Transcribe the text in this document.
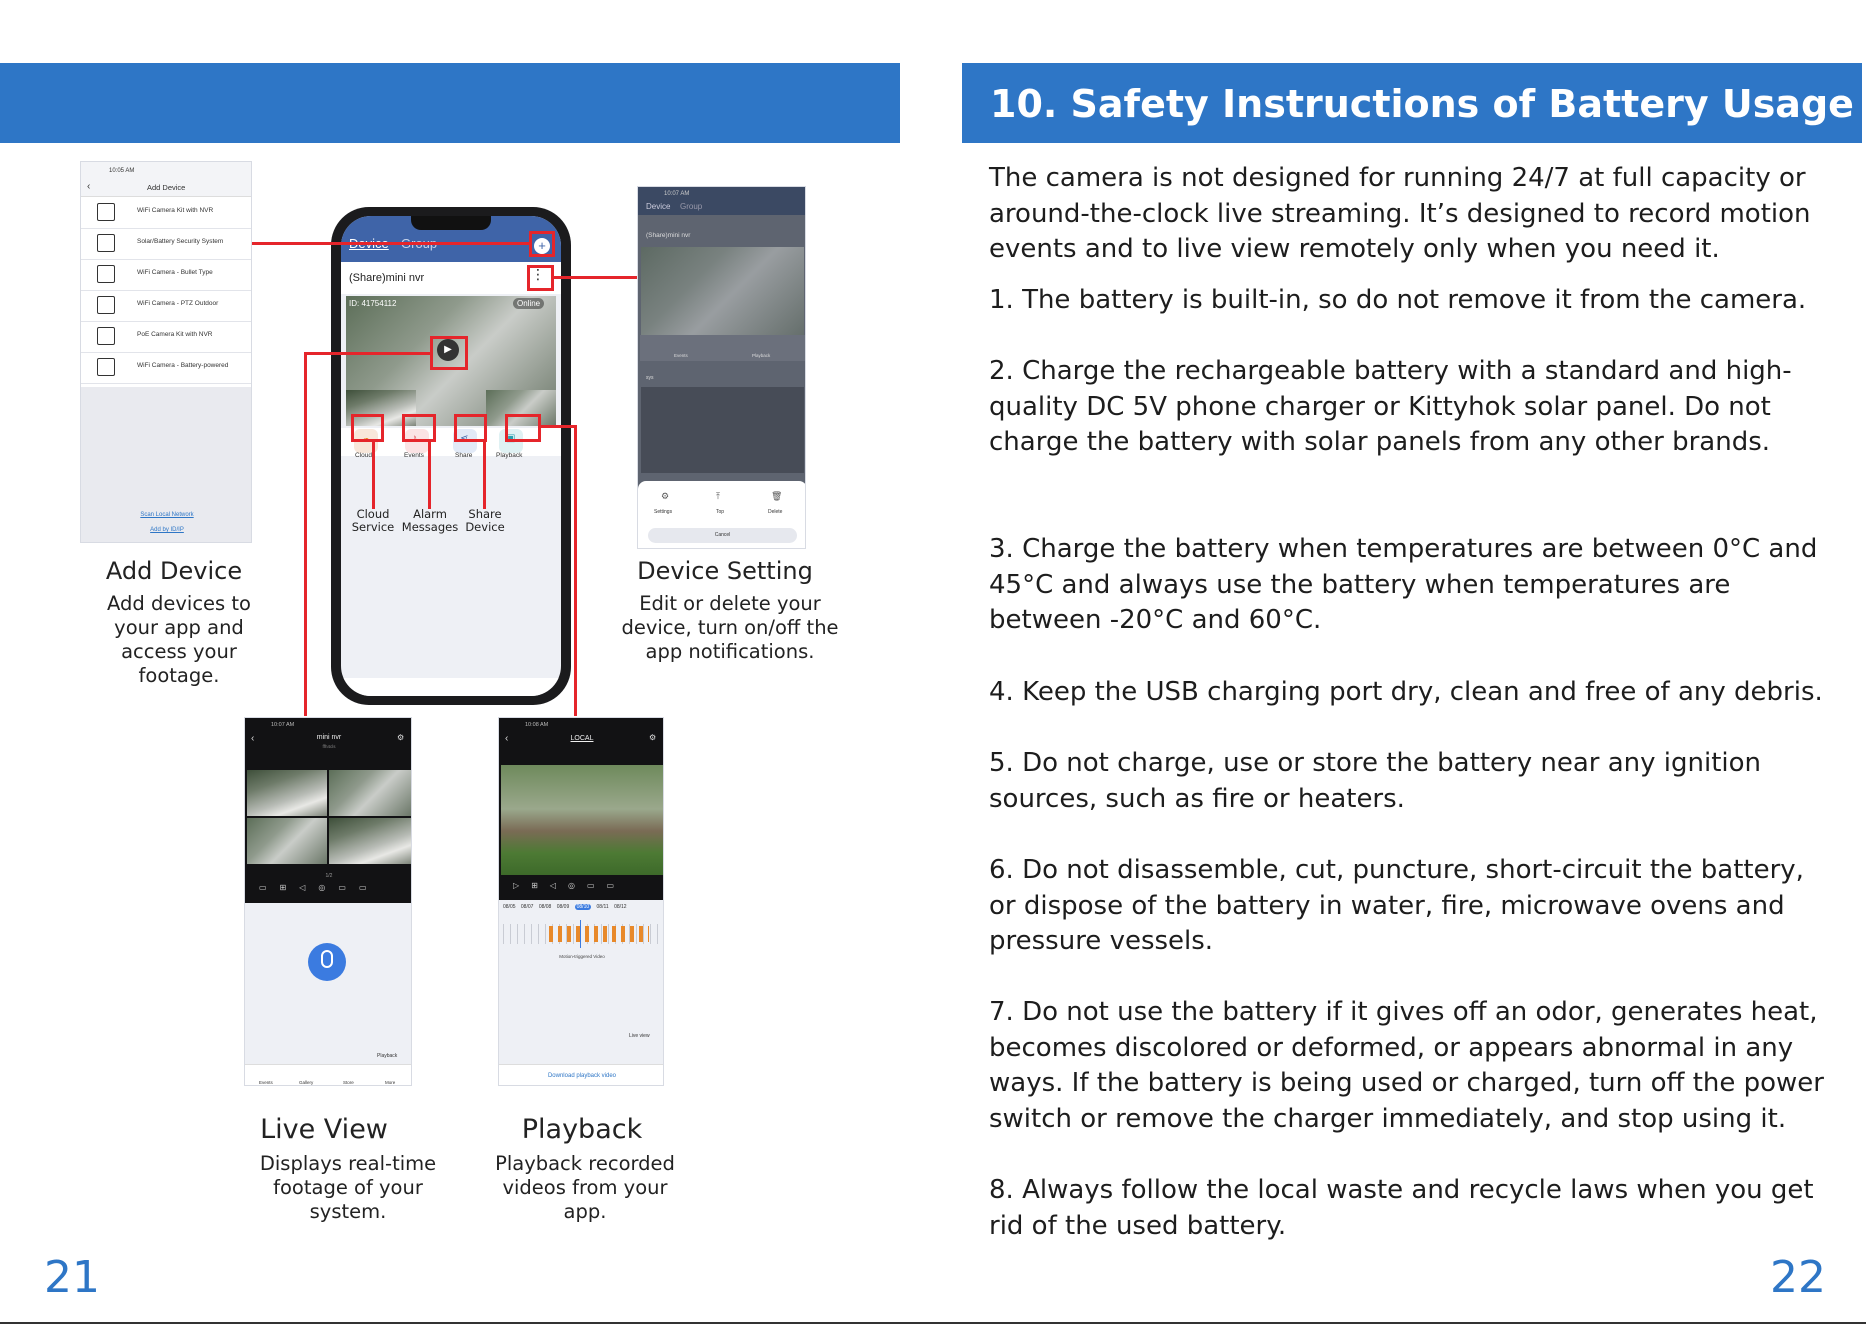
10:05 AM
‹	Add Device
WiFi Camera Kit with NVR
Solar/Battery Security System
WiFi Camera - Bullet Type
WiFi Camera - PTZ Outdoor
PoE Camera Kit with NVR
WiFi Camera - Battery-powered
Scan Local Network
Add by ID/IP
Add Device
Add devices to your app and access your footage.
+
(Share)mini nvr	⋮
ID: 41754112	Online
▶
☁	♪	⋖	▣
Cloud	Events	Share	Playback
Cloud Service
Alarm Messages
Share Device
10:07 AM
Device Group
(Share)mini nvr
Events	Playback
sys
⚙	⤒	🗑
Settings	Top	Delete
Cancel
Device Setting
Edit or delete your device, turn on/off the app notifications.
10:07 AM
‹	mini nvr
ffh4cls
⚙
1/2
▭⊞◁◎▭▭
Playback
Events	Gallery	Store	More
Live View
Displays real-time footage of your system.
10:08 AM
‹	LOCAL	⚙
▷⊞◁◎▭▭
08/05 08/07 08/08 08/09 08/10 08/11 08/12
Motion-triggered Video
Live view
Download playback video
Playback
Playback recorded videos from your app.
21
10. Safety Instructions of Battery Usage
The camera is not designed for running 24/7 at full capacity or around-the-clock live streaming. It’s designed to record motion events and to live view remotely only when you need it.
1. The battery is built-in, so do not remove it from the camera.
2. Charge the rechargeable battery with a standard and high-quality DC 5V phone charger or Kittyhok solar panel. Do not charge the battery with solar panels from any other brands.
3. Charge the battery when temperatures are between 0°C and 45°C and always use the battery when temperatures are between -20°C and 60°C.
4. Keep the USB charging port dry, clean and free of any debris.
5. Do not charge, use or store the battery near any ignition sources, such as fire or heaters.
6. Do not disassemble, cut, puncture, short-circuit the battery, or dispose of the battery in water, fire, microwave ovens and pressure vessels.
7. Do not use the battery if it gives off an odor, generates heat, becomes discolored or deformed, or appears abnormal in any ways. If the battery is being used or charged, turn off the power switch or remove the charger immediately, and stop using it.
8. Always follow the local waste and recycle laws when you get rid of the used battery.
22
